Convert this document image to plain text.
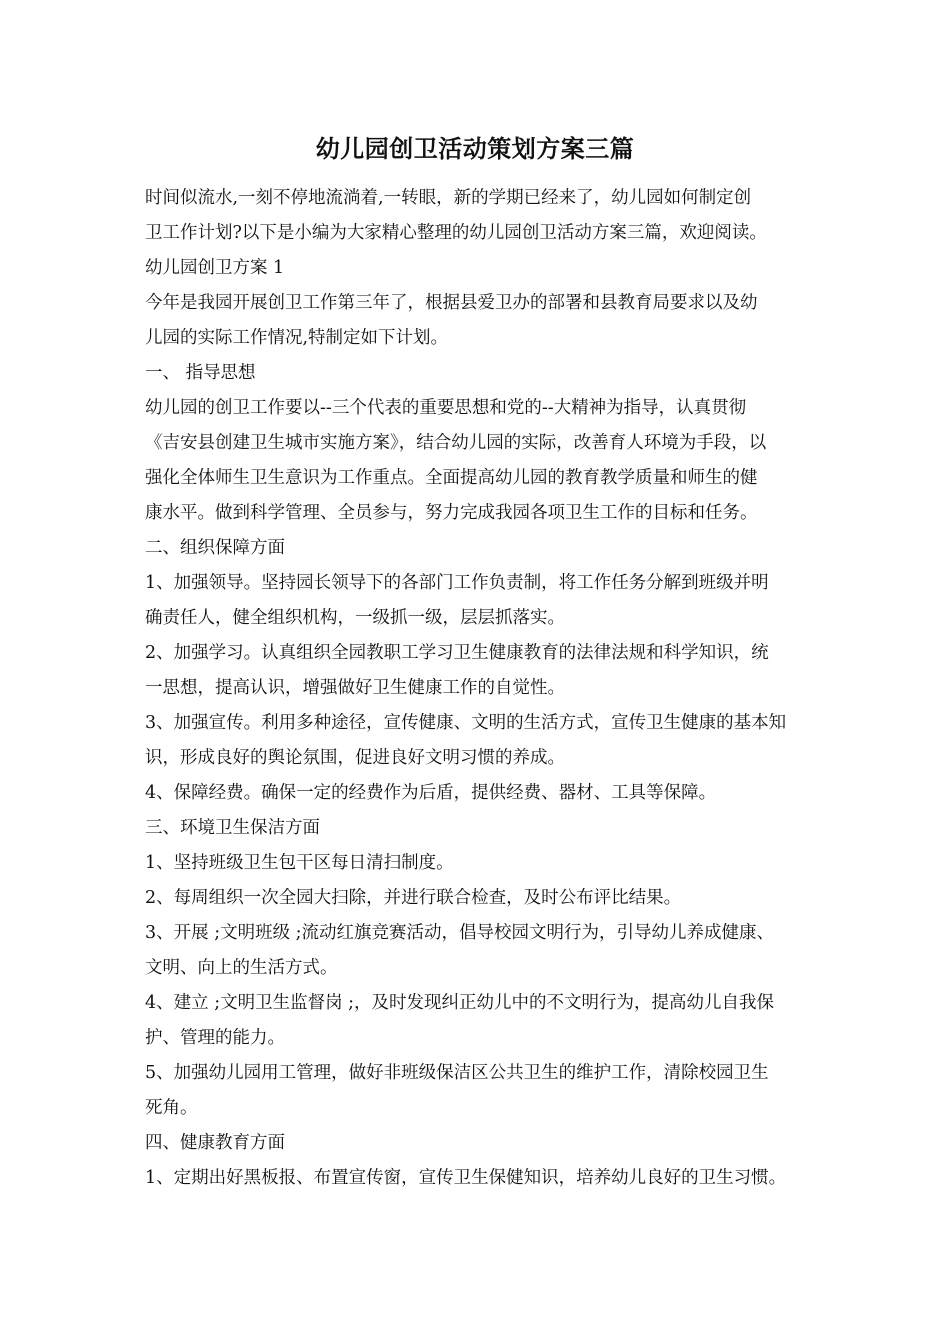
幼儿园创卫活动策划方案三篇
时间似流水,一刻不停地流淌着,一转眼，新的学期已经来了，幼儿园如何制定创
卫工作计划?以下是小编为大家精心整理的幼儿园创卫活动方案三篇，欢迎阅读。
幼儿园创卫方案 1
今年是我园开展创卫工作第三年了，根据县爱卫办的部署和县教育局要求以及幼
儿园的实际工作情况,特制定如下计划。
一、 指导思想
幼儿园的创卫工作要以--三个代表的重要思想和党的--大精神为指导，认真贯彻
《吉安县创建卫生城市实施方案》，结合幼儿园的实际，改善育人环境为手段，以
强化全体师生卫生意识为工作重点。全面提高幼儿园的教育教学质量和师生的健
康水平。做到科学管理、全员参与，努力完成我园各项卫生工作的目标和任务。
二、组织保障方面
1、加强领导。坚持园长领导下的各部门工作负责制，将工作任务分解到班级并明
确责任人，健全组织机构，一级抓一级，层层抓落实。
2、加强学习。认真组织全园教职工学习卫生健康教育的法律法规和科学知识，统
一思想，提高认识，增强做好卫生健康工作的自觉性。
3、加强宣传。利用多种途径，宣传健康、文明的生活方式，宣传卫生健康的基本知
识，形成良好的舆论氛围，促进良好文明习惯的养成。
4、保障经费。确保一定的经费作为后盾，提供经费、器材、工具等保障。
三、环境卫生保洁方面
1、坚持班级卫生包干区每日清扫制度。
2、每周组织一次全园大扫除，并进行联合检查，及时公布评比结果。
3、开展 ;文明班级 ;流动红旗竞赛活动，倡导校园文明行为，引导幼儿养成健康、
文明、向上的生活方式。
4、建立 ;文明卫生监督岗 ;，及时发现纠正幼儿中的不文明行为，提高幼儿自我保
护、管理的能力。
5、加强幼儿园用工管理，做好非班级保洁区公共卫生的维护工作，清除校园卫生
死角。
四、健康教育方面
1、定期出好黑板报、布置宣传窗，宣传卫生保健知识，培养幼儿良好的卫生习惯。
